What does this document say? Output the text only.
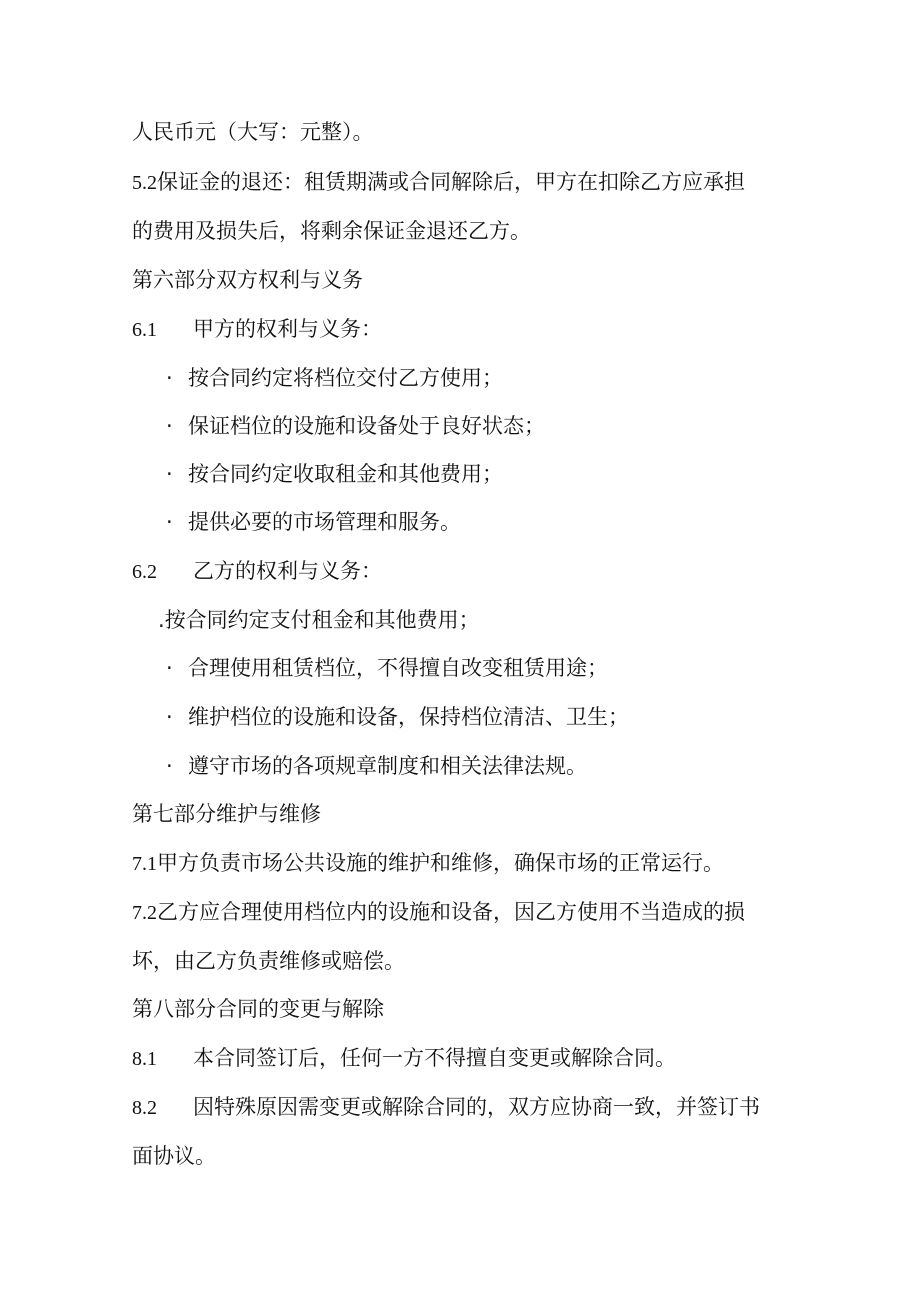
人民币元（大写：元整）。
5.2保证金的退还：租赁期满或合同解除后，甲方在扣除乙方应承担
的费用及损失后，将剩余保证金退还乙方。
第六部分双方权利与义务
6.1 甲方的权利与义务：
· 按合同约定将档位交付乙方使用；
· 保证档位的设施和设备处于良好状态；
· 按合同约定收取租金和其他费用；
· 提供必要的市场管理和服务。
6.2 乙方的权利与义务：
.按合同约定支付租金和其他费用；
· 合理使用租赁档位，不得擅自改变租赁用途；
· 维护档位的设施和设备，保持档位清洁、卫生；
· 遵守市场的各项规章制度和相关法律法规。
第七部分维护与维修
7.1甲方负责市场公共设施的维护和维修，确保市场的正常运行。
7.2乙方应合理使用档位内的设施和设备，因乙方使用不当造成的损
坏，由乙方负责维修或赔偿。
第八部分合同的变更与解除
8.1 本合同签订后，任何一方不得擅自变更或解除合同。
8.2 因特殊原因需变更或解除合同的，双方应协商一致，并签订书
面协议。
